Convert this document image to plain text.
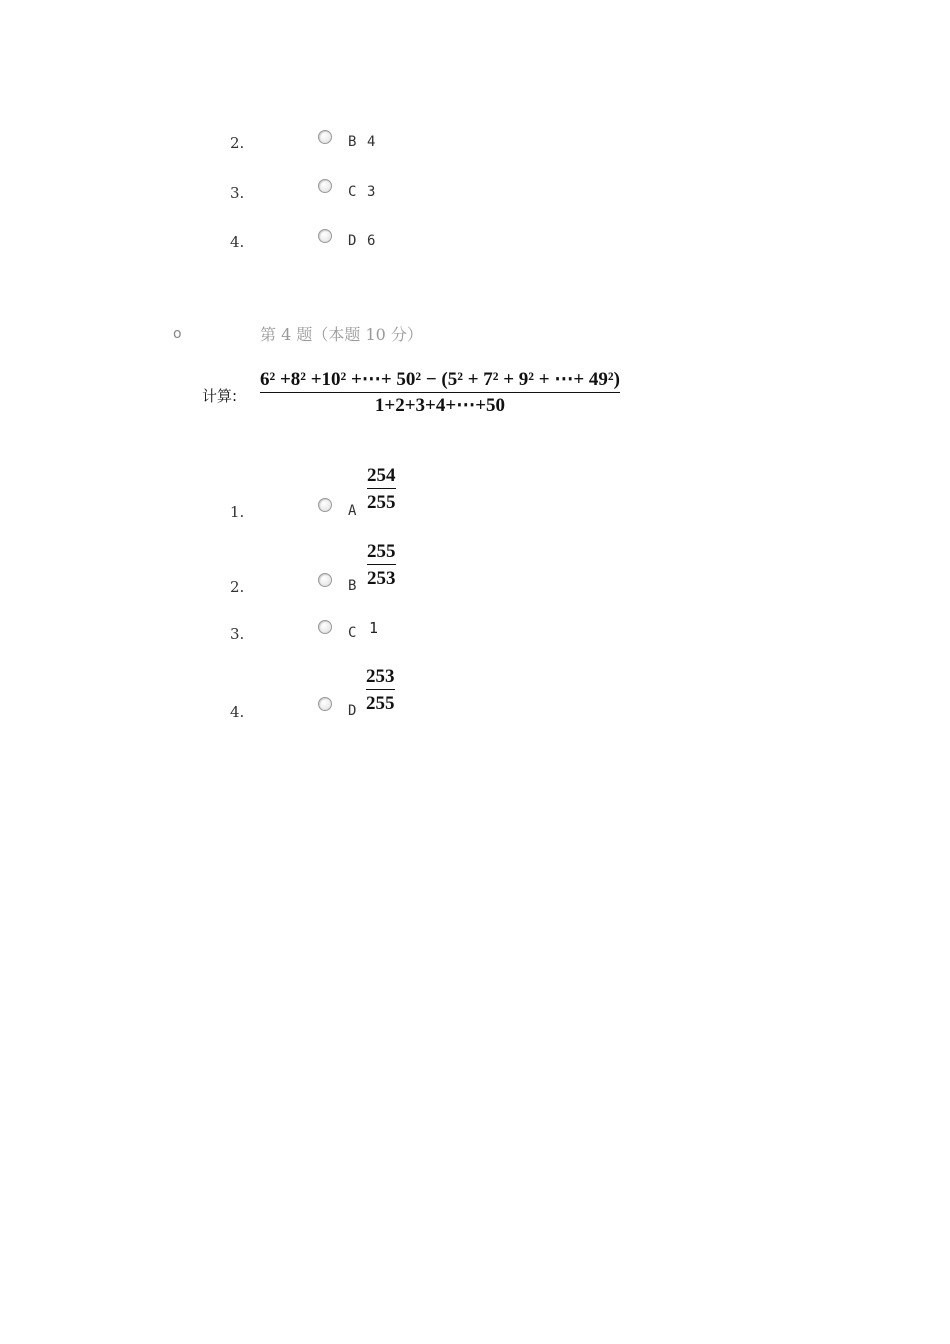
2.	B 4
3.	C 3
4.	D 6
o	第 4 题（本题 10 分）
计算:
6² +8² +10² +⋯+ 50² − (5² + 7² + 9² + ⋯+ 49²)
1+2+3+4+⋯+50
1.	A
254
255
2.	B
255
253
3.	C 1
4.	D
253
255
